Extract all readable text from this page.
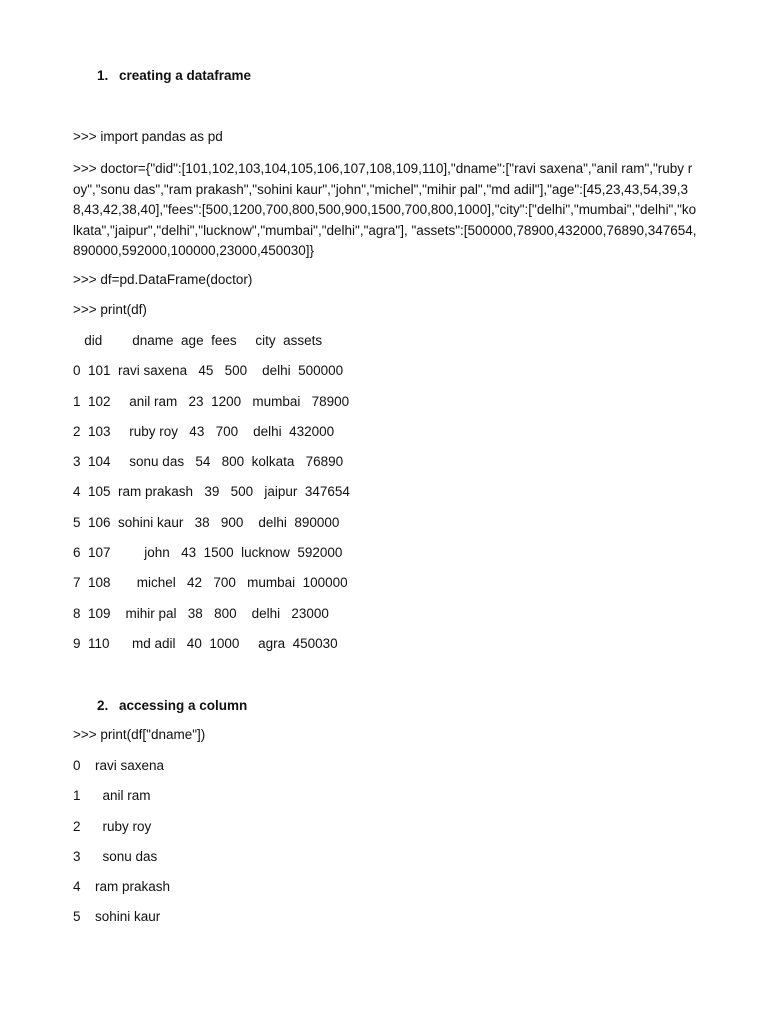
1. creating a dataframe
>>> import pandas as pd
>>> doctor={"did":[101,102,103,104,105,106,107,108,109,110],"dname":["ravi saxena","anil ram","ruby roy","sonu das","ram prakash","sohini kaur","john","michel","mihir pal","md adil"],"age":[45,23,43,54,39,38,43,42,38,40],"fees":[500,1200,700,800,500,900,1500,700,800,1000],"city":["delhi","mumbai","delhi","kolkata","jaipur","delhi","lucknow","mumbai","delhi","agra"], "assets":[500000,78900,432000,76890,347654,890000,592000,100000,23000,450030]}
>>> df=pd.DataFrame(doctor)
>>> print(df)
did        dname  age  fees     city  assets
0  101  ravi saxena   45   500    delhi  500000
1  102     anil ram   23  1200   mumbai   78900
2  103     ruby roy   43   700    delhi  432000
3  104     sonu das   54   800  kolkata   76890
4  105  ram prakash   39   500   jaipur  347654
5  106  sohini kaur   38   900    delhi  890000
6  107         john   43  1500  lucknow  592000
7  108       michel   42   700   mumbai  100000
8  109    mihir pal   38   800    delhi   23000
9  110      md adil   40  1000     agra  450030
2. accessing a column
>>> print(df["dname"])
0 ravi saxena
1 anil ram
2 ruby roy
3 sonu das
4 ram prakash
5 sohini kaur
